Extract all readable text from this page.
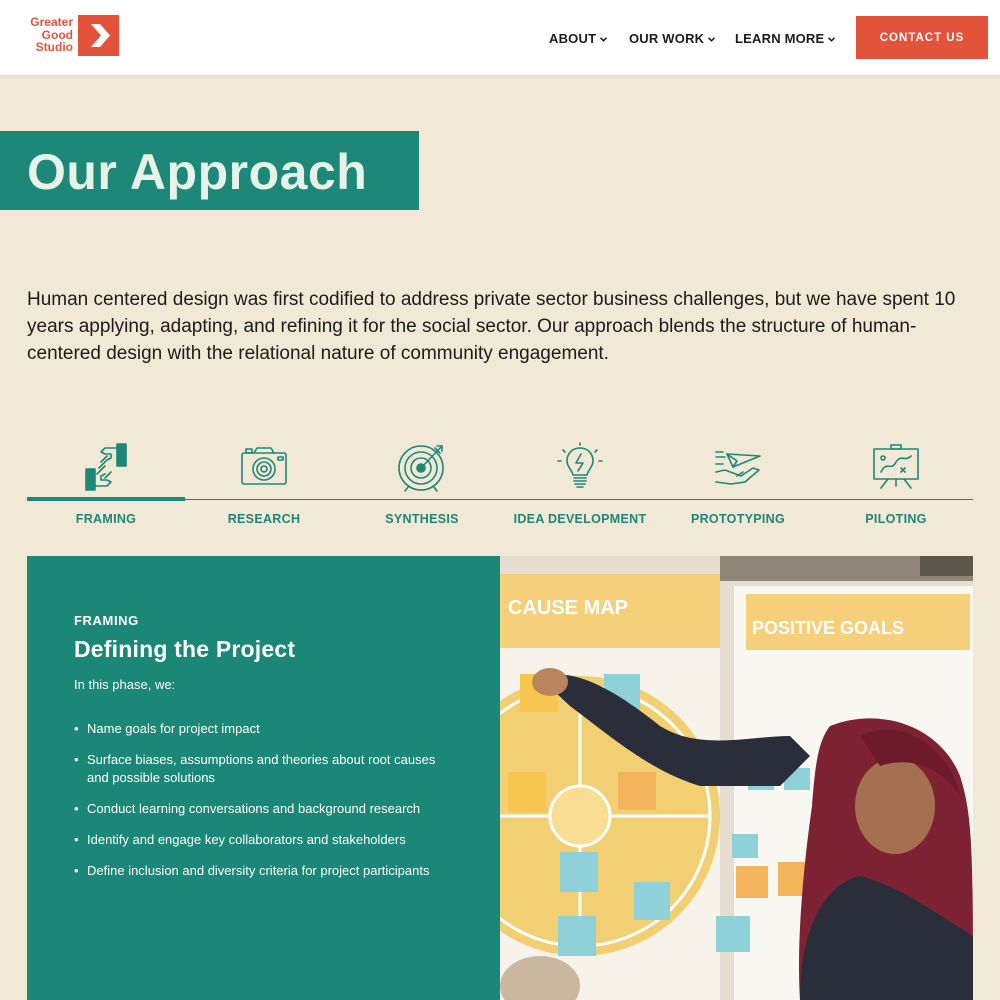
Greater
Good
Studio
ABOUT	OUR WORK	LEARN MORE	CONTACT US
Our Approach

Human centered design was first codified to address private sector business challenges, but we have spent 10 years applying, adapting, and refining it for the social sector. Our approach blends the structure of human-centered design with the relational nature of community engagement.

FRAMING	RESEARCH	SYNTHESIS	IDEA DEVELOPMENT	PROTOTYPING	PILOTING
FRAMING
Defining the Project

In this phase, we:

• Name goals for project impact
• Surface biases, assumptions and theories about root causes and possible solutions
• Conduct learning conversations and background research
• Identify and engage key collaborators and stakeholders
• Define inclusion and diversity criteria for project participants
CAUSE MAP
POSITIVE GOALS
